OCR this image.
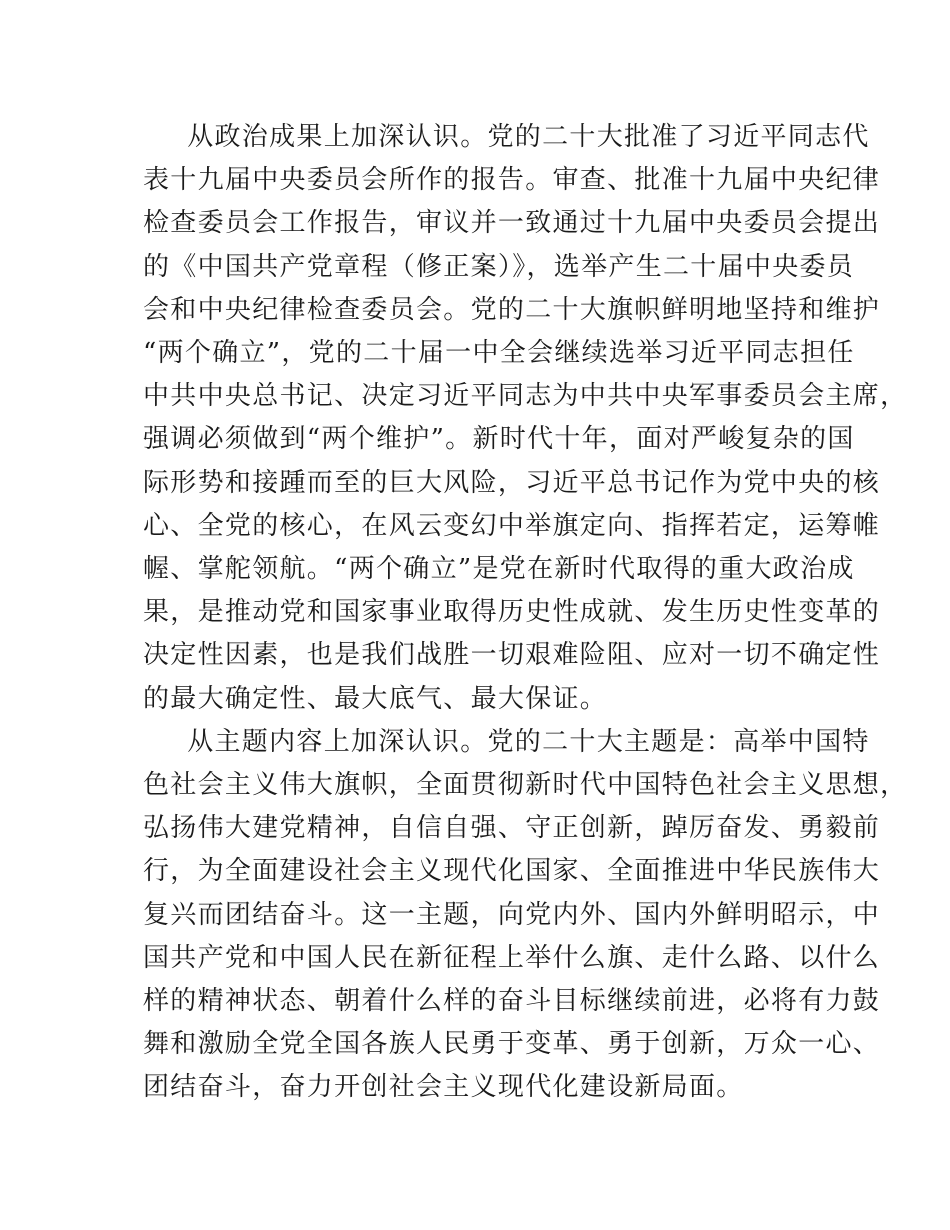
从政治成果上加深认识。党的二十大批准了习近平同志代
表十九届中央委员会所作的报告。审查、批准十九届中央纪律
检查委员会工作报告，审议并一致通过十九届中央委员会提出
的《中国共产党章程（修正案）》，选举产生二十届中央委员
会和中央纪律检查委员会。党的二十大旗帜鲜明地坚持和维护
“两个确立”，党的二十届一中全会继续选举习近平同志担任
中共中央总书记、决定习近平同志为中共中央军事委员会主席，
强调必须做到“两个维护”。新时代十年，面对严峻复杂的国
际形势和接踵而至的巨大风险，习近平总书记作为党中央的核
心、全党的核心，在风云变幻中举旗定向、指挥若定，运筹帷
幄、掌舵领航。“两个确立”是党在新时代取得的重大政治成
果，是推动党和国家事业取得历史性成就、发生历史性变革的
决定性因素，也是我们战胜一切艰难险阻、应对一切不确定性
的最大确定性、最大底气、最大保证。

从主题内容上加深认识。党的二十大主题是：高举中国特
色社会主义伟大旗帜，全面贯彻新时代中国特色社会主义思想，
弘扬伟大建党精神，自信自强、守正创新，踔厉奋发、勇毅前
行，为全面建设社会主义现代化国家、全面推进中华民族伟大
复兴而团结奋斗。这一主题，向党内外、国内外鲜明昭示，中
国共产党和中国人民在新征程上举什么旗、走什么路、以什么
样的精神状态、朝着什么样的奋斗目标继续前进，必将有力鼓
舞和激励全党全国各族人民勇于变革、勇于创新，万众一心、
团结奋斗，奋力开创社会主义现代化建设新局面。
